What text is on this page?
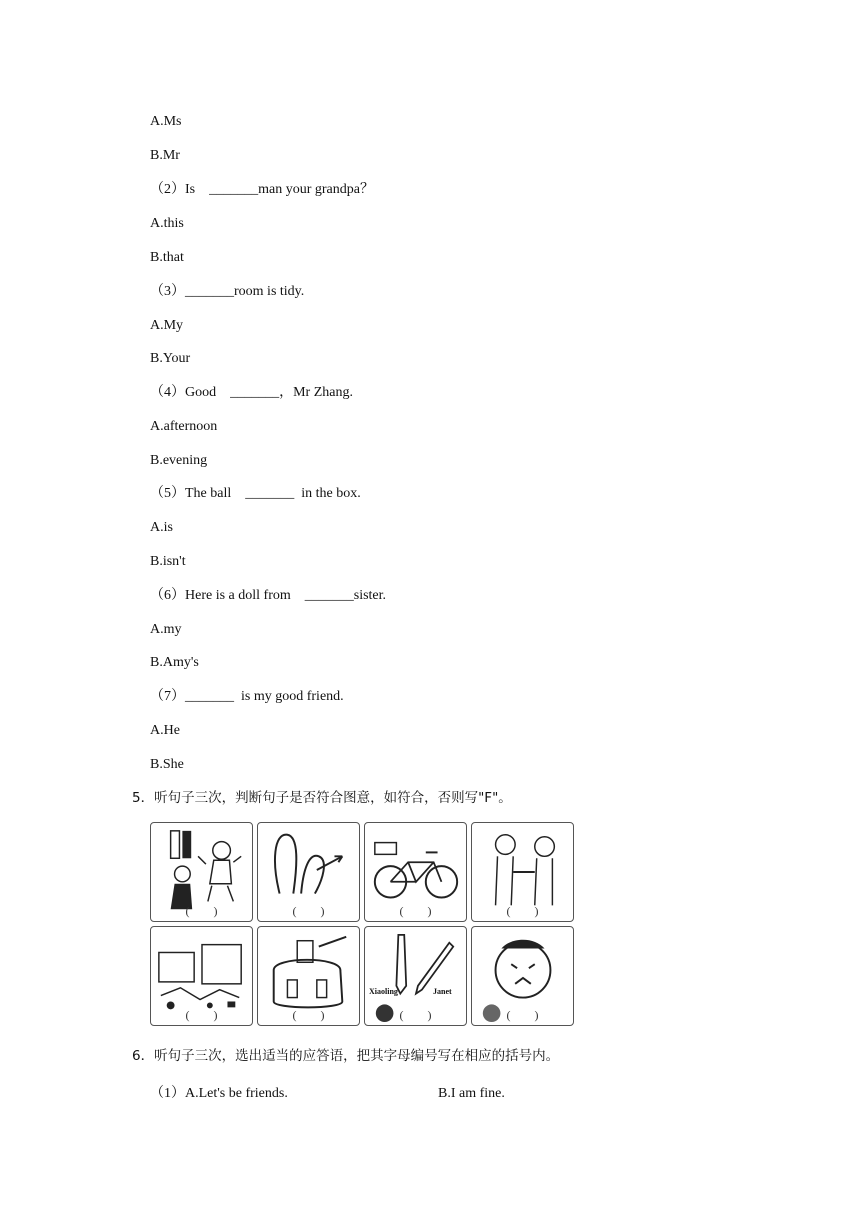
A.Ms
B.Mr
（2）Is    _______man your grandpa？
A.this
B.that
（3）_______room is tidy.
A.My
B.Your
（4）Good    _______，Mr Zhang.
A.afternoon
B.evening
（5）The ball    _______  in the box.
A.is
B.isn't
（6）Here is a doll from    _______sister.
A.my
B.Amy's
（7）_______  is my good friend.
A.He
B.She
5．听句子三次，判断句子是否符合图意，如符合，否则写"F"。
(        )	(        )	(        )	(        )
(        )	(        )
Xiaoling	Janet
(        )	(        )
6．听句子三次，选出适当的应答语，把其字母编号写在相应的括号内。
（1）A.Let's be friends.	B.I am fine.
